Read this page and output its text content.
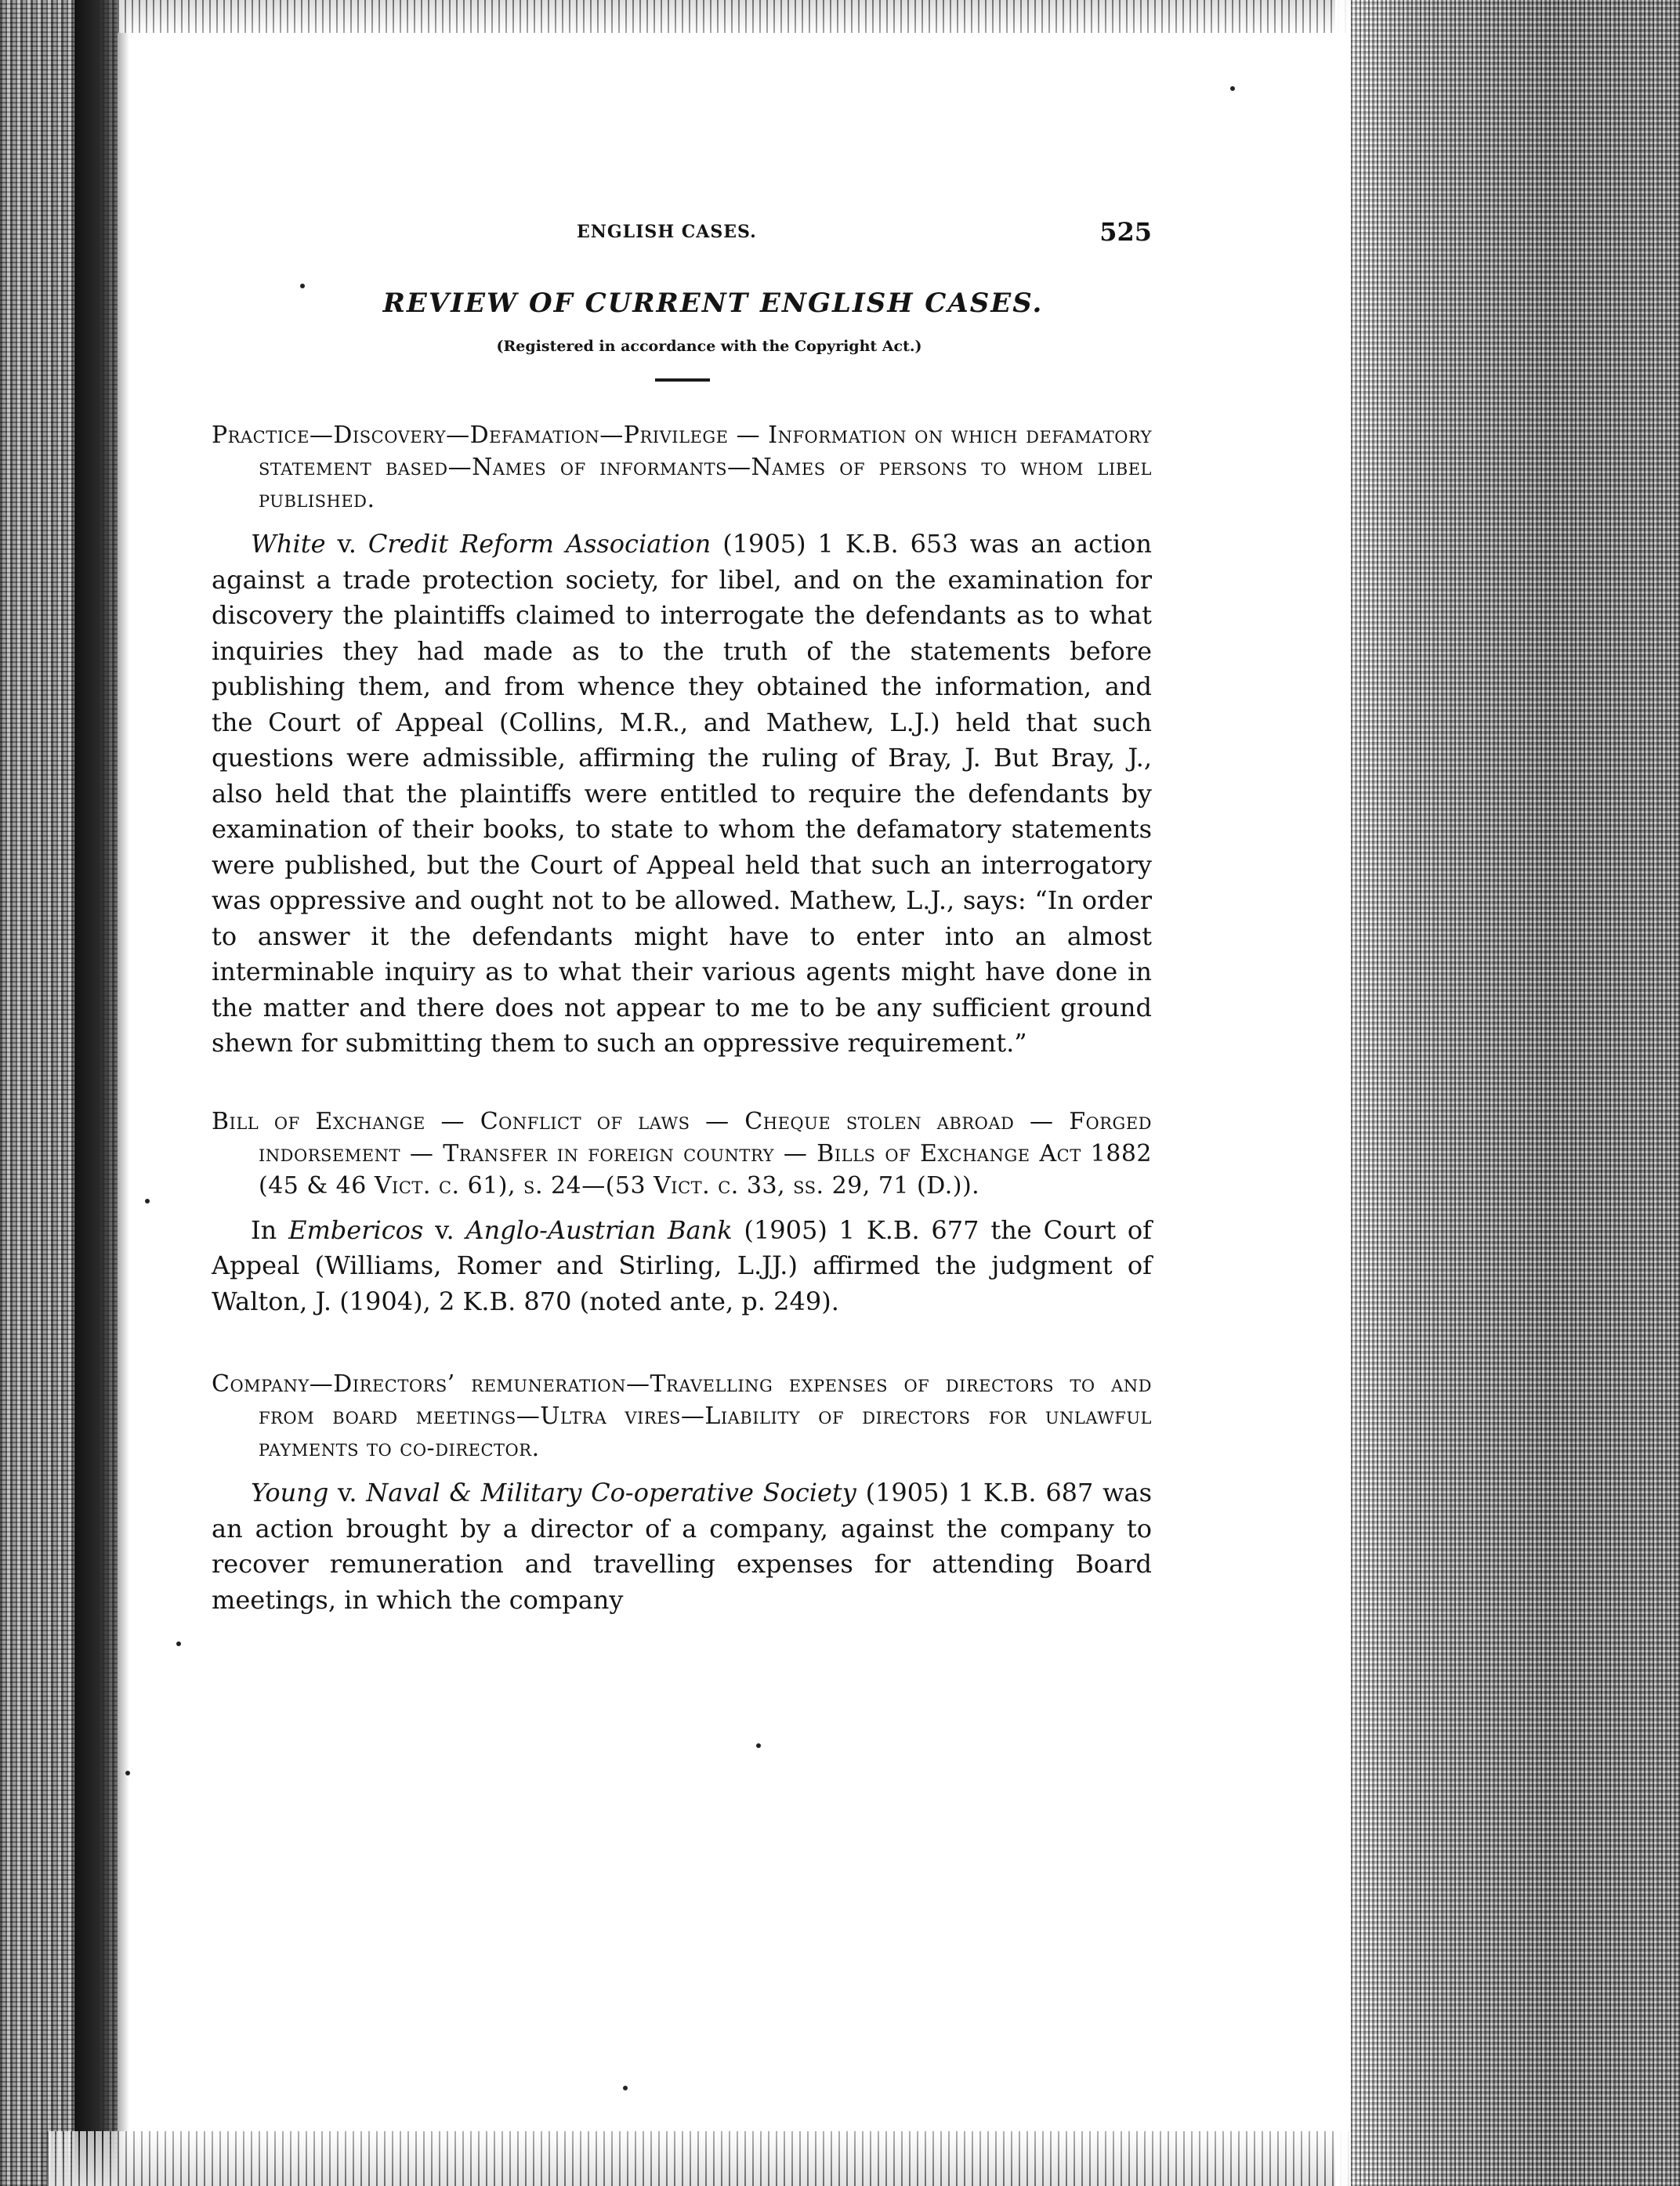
ENGLISH CASES.	525
REVIEW OF CURRENT ENGLISH CASES.
(Registered in accordance with the Copyright Act.)
Practice—Discovery—Defamation—Privilege — Information on which defamatory statement based—Names of informants—Names of persons to whom libel published.

White v. Credit Reform Association (1905) 1 K.B. 653 was an action against a trade protection society, for libel, and on the examination for discovery the plaintiffs claimed to interrogate the defendants as to what inquiries they had made as to the truth of the statements before publishing them, and from whence they obtained the information, and the Court of Appeal (Collins, M.R., and Mathew, L.J.) held that such questions were admissible, affirming the ruling of Bray, J. But Bray, J., also held that the plaintiffs were entitled to require the defendants by examination of their books, to state to whom the defamatory statements were published, but the Court of Appeal held that such an interrogatory was oppressive and ought not to be allowed. Mathew, L.J., says: “In order to answer it the defendants might have to enter into an almost interminable inquiry as to what their various agents might have done in the matter and there does not appear to me to be any sufficient ground shewn for submitting them to such an oppressive requirement.”

Bill of Exchange — Conflict of laws — Cheque stolen abroad — Forged indorsement — Transfer in foreign country — Bills of Exchange Act 1882 (45 & 46 Vict. c. 61), s. 24—(53 Vict. c. 33, ss. 29, 71 (D.)).

In Embericos v. Anglo-Austrian Bank (1905) 1 K.B. 677 the Court of Appeal (Williams, Romer and Stirling, L.JJ.) affirmed the judgment of Walton, J. (1904), 2 K.B. 870 (noted ante, p. 249).

Company—Directors’ remuneration—Travelling expenses of directors to and from board meetings—Ultra vires—Liability of directors for unlawful payments to co-director.

Young v. Naval & Military Co-operative Society (1905) 1 K.B. 687 was an action brought by a director of a company, against the company to recover remuneration and travelling expenses for attending Board meetings, in which the company
